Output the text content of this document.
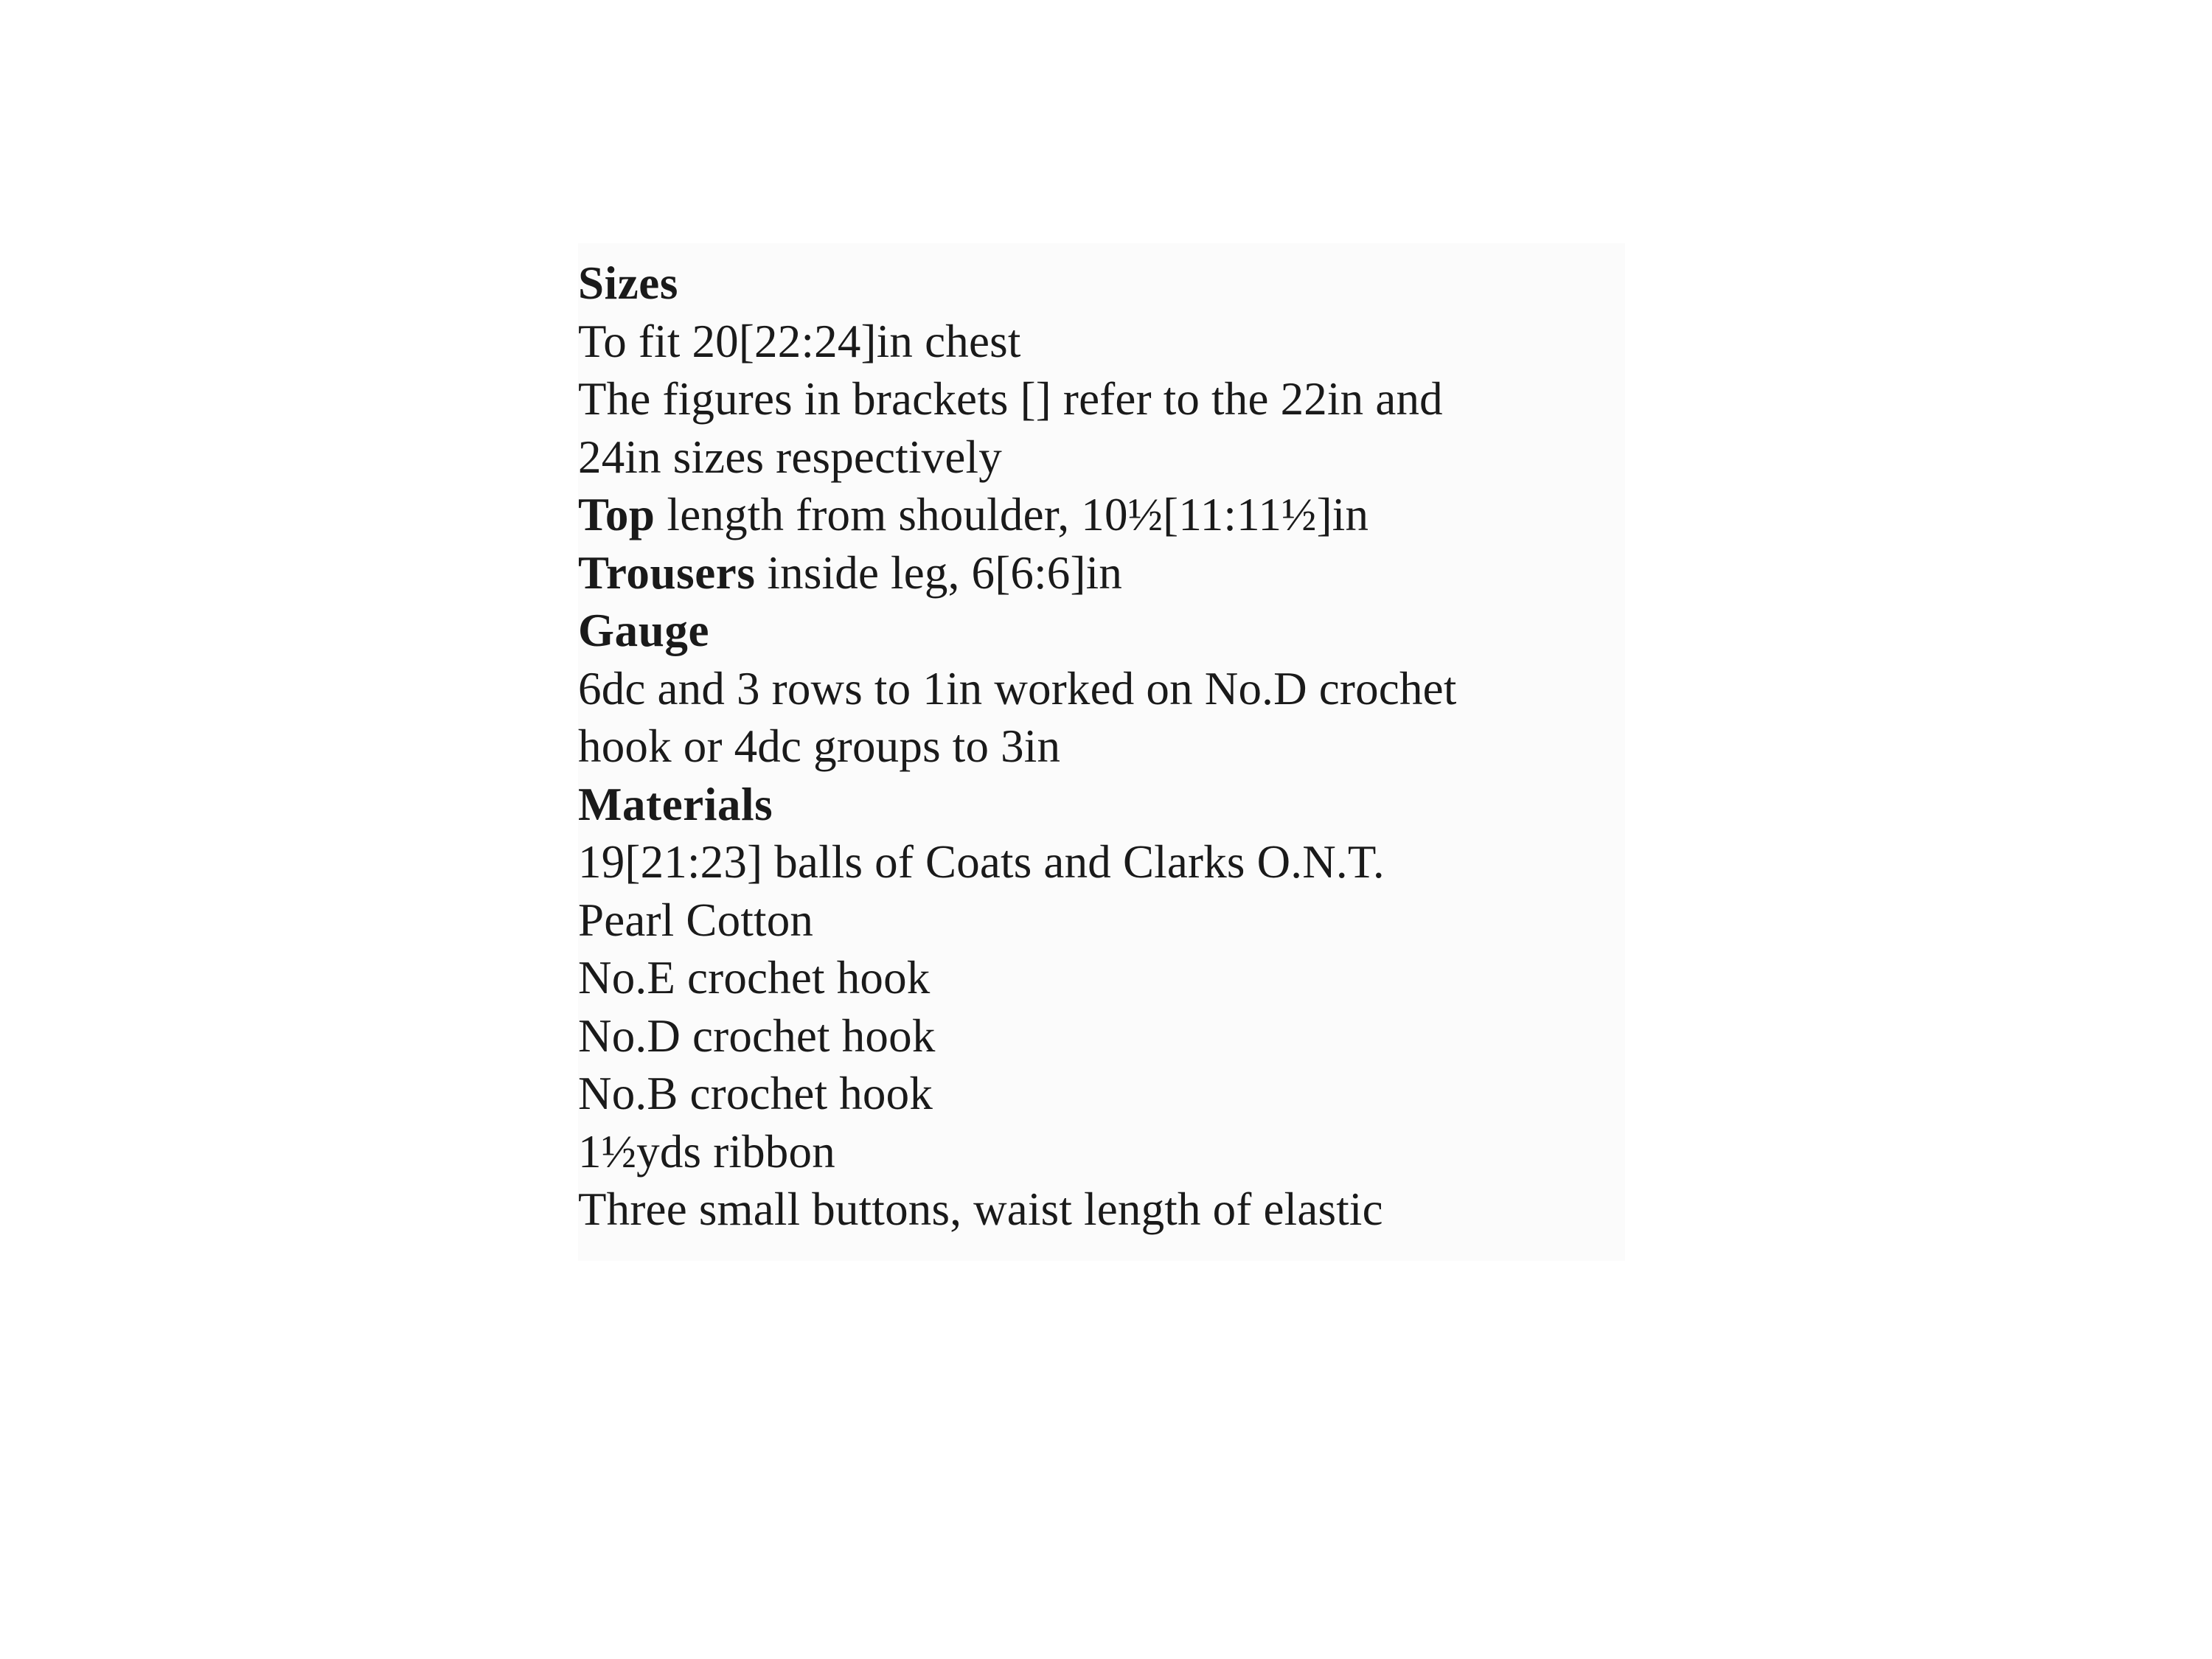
Sizes
To fit 20[22:24]in chest
The figures in brackets [] refer to the 22in and
24in sizes respectively
Top length from shoulder, 10½[11:11½]in
Trousers inside leg, 6[6:6]in
Gauge
6dc and 3 rows to 1in worked on No.D crochet
hook or 4dc groups to 3in
Materials
19[21:23] balls of Coats and Clarks O.N.T.
Pearl Cotton
No.E crochet hook
No.D crochet hook
No.B crochet hook
1½yds ribbon
Three small buttons, waist length of elastic
